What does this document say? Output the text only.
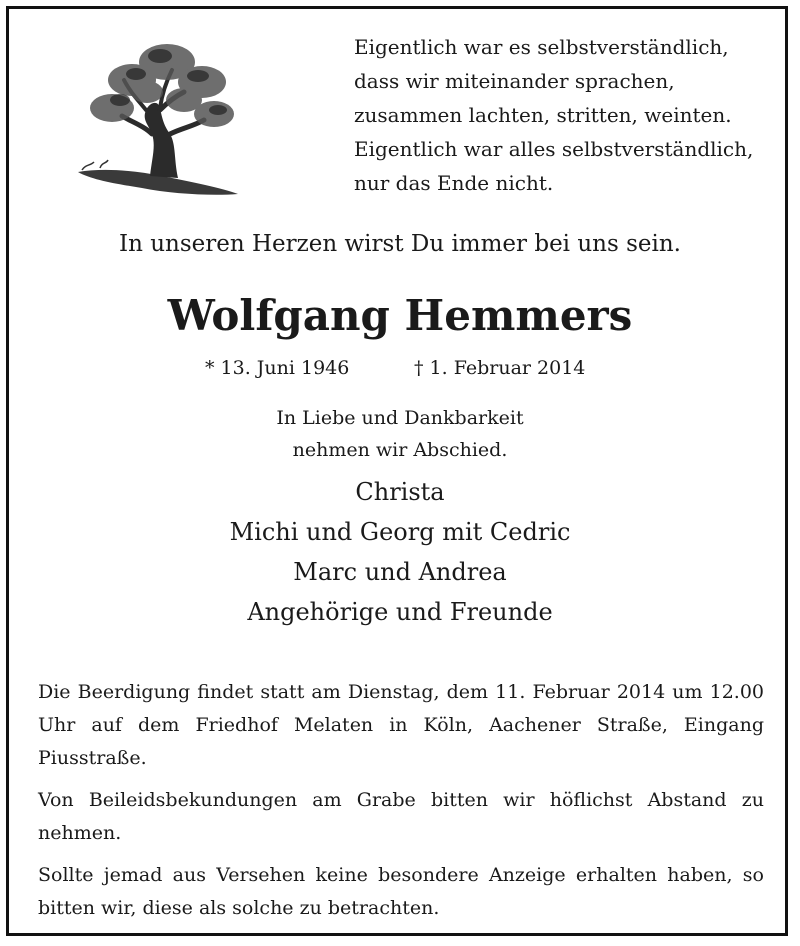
Eigentlich war es selbstverständlich,
dass wir miteinander sprachen,
zusammen lachten, stritten, weinten.
Eigentlich war alles selbstverständlich,
nur das Ende nicht.
In unseren Herzen wirst Du immer bei uns sein.
Wolfgang Hemmers
* 13. Juni 1946	† 1. Februar 2014
In Liebe und Dankbarkeit
nehmen wir Abschied.
Christa
Michi und Georg mit Cedric
Marc und Andrea
Angehörige und Freunde

Die Beerdigung findet statt am Dienstag, dem 11. Februar 2014 um 12.00 Uhr auf dem Friedhof Melaten in Köln, Aachener Straße, Eingang Piusstraße.

Von Beileidsbekundungen am Grabe bitten wir höflichst Abstand zu nehmen.

Sollte jemad aus Versehen keine besondere Anzeige erhalten haben, so bitten wir, diese als solche zu betrachten.
